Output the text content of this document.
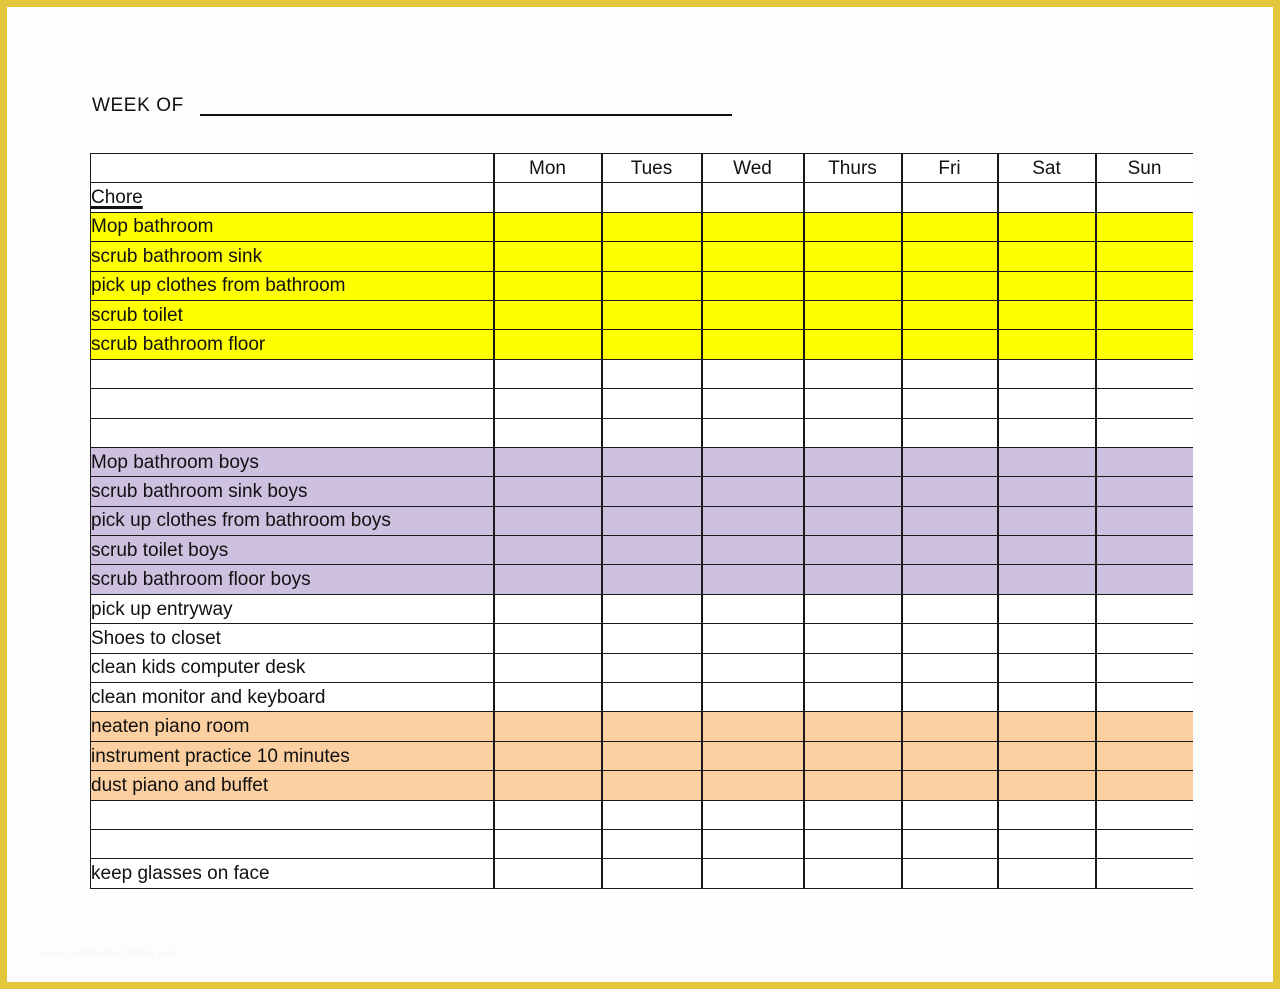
WEEK OF
	Mon	Tues	Wed	Thurs	Fri	Sat	Sun
Chore							
Mop bathroom							
scrub bathroom sink							
pick up clothes from bathroom							
scrub toilet							
scrub bathroom floor							

Mop bathroom boys							
scrub bathroom sink boys							
pick up clothes from bathroom boys							
scrub toilet boys							
scrub bathroom floor boys							
pick up entryway							
Shoes to closet							
clean kids computer desk							
clean monitor and keyboard							
neaten piano room							
instrument practice 10 minutes							
dust piano and buffet							

keep glasses on face							
www.sampletemplates.net
